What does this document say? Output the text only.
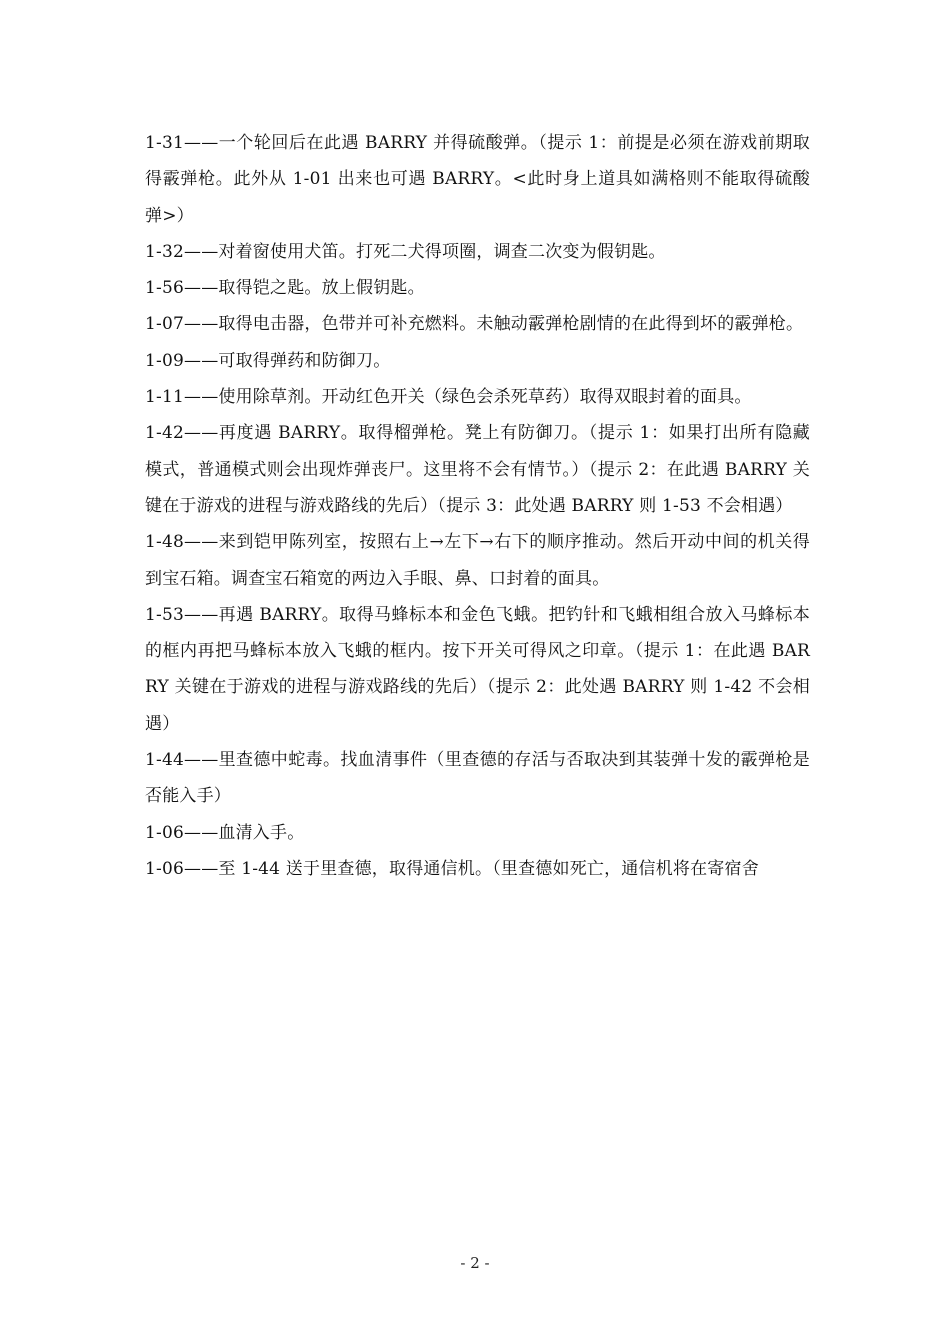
1-31——一个轮回后在此遇 BARRY 并得硫酸弹。（提示 1：前提是必须在游戏前期取得霰弹枪。此外从 1-01 出来也可遇 BARRY。<此时身上道具如满格则不能取得硫酸弹>）

1-32——对着窗使用犬笛。打死二犬得项圈，调查二次变为假钥匙。

1-56——取得铠之匙。放上假钥匙。

1-07——取得电击器，色带并可补充燃料。未触动霰弹枪剧情的在此得到坏的霰弹枪。

1-09——可取得弹药和防御刀。

1-11——使用除草剂。开动红色开关（绿色会杀死草药）取得双眼封着的面具。

1-42——再度遇 BARRY。取得榴弹枪。凳上有防御刀。（提示 1：如果打出所有隐藏模式，普通模式则会出现炸弹丧尸。这里将不会有情节。）（提示 2：在此遇 BARRY 关键在于游戏的进程与游戏路线的先后）（提示 3：此处遇 BARRY 则 1-53 不会相遇）

1-48——来到铠甲陈列室，按照右上→左下→右下的顺序推动。然后开动中间的机关得到宝石箱。调查宝石箱宽的两边入手眼、鼻、口封着的面具。

1-53——再遇 BARRY。取得马蜂标本和金色飞蛾。把钓针和飞蛾相组合放入马蜂标本的框内再把马蜂标本放入飞蛾的框内。按下开关可得风之印章。（提示 1：在此遇 BARRY 关键在于游戏的进程与游戏路线的先后）（提示 2：此处遇 BARRY 则 1-42 不会相遇）

1-44——里查德中蛇毒。找血清事件（里查德的存活与否取决到其装弹十发的霰弹枪是否能入手）

1-06——血清入手。

1-06——至 1-44 送于里查德，取得通信机。（里查德如死亡，通信机将在寄宿舍

- 2 -
